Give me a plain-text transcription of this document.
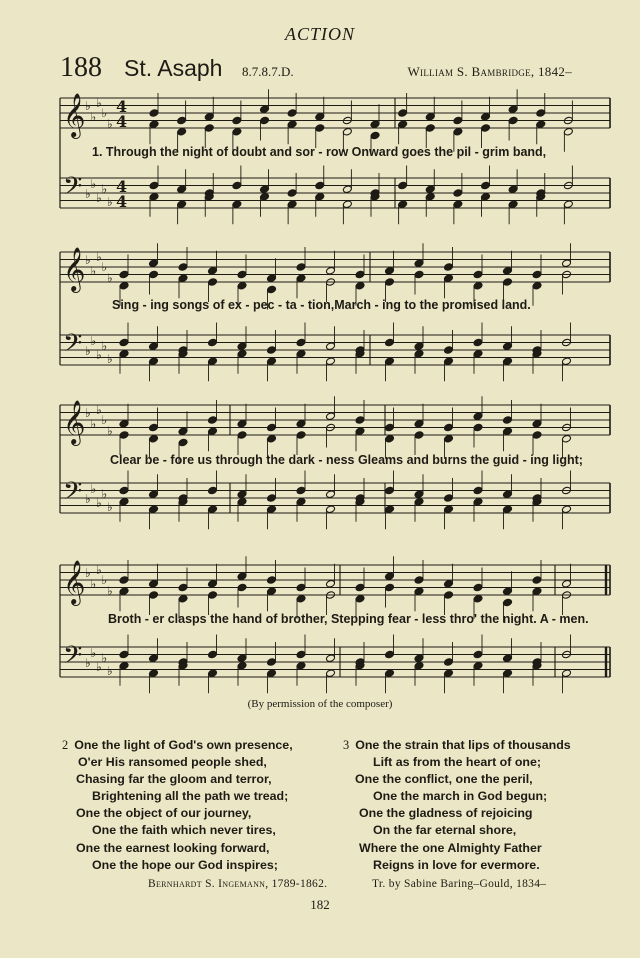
ACTION
188 St. Asaph 8.7.8.7.D.	William S. Bambridge, 1842–
𝄞 ♭
♭
♭
♭
♭
4
4
𝄢 ♭
♭
♭
♭
♭
4
4
𝄞 ♭
♭
♭
♭
♭
𝄢 ♭
♭
♭
♭
♭
𝄞 ♭
♭
♭
♭
♭
𝄢 ♭
♭
♭
♭
♭
𝄞 ♭
♭
♭
♭
♭
𝄢 ♭
♭
♭
♭
♭
1. Through the night of doubt and sor - row Onward goes the pil - grim band,
Sing - ing songs of ex - pec - ta - tion,March - ing to the promised land.
Clear be - fore us through the dark - ness Gleams and burns the guid - ing light;
Broth - er clasps the hand of brother, Stepping fear - less thro' the night. A - men.
(By permission of the composer)
2 One the light of God's own presence,
O'er His ransomed people shed,
Chasing far the gloom and terror,
Brightening all the path we tread;
One the object of our journey,
One the faith which never tires,
One the earnest looking forward,
One the hope our God inspires;
3 One the strain that lips of thousands
Lift as from the heart of one;
One the conflict, one the peril,
One the march in God begun;
One the gladness of rejoicing
On the far eternal shore,
Where the one Almighty Father
Reigns in love for evermore.
Bernhardt S. Ingemann, 1789-1862.	Tr. by Sabine Baring–Gould, 1834–
182
